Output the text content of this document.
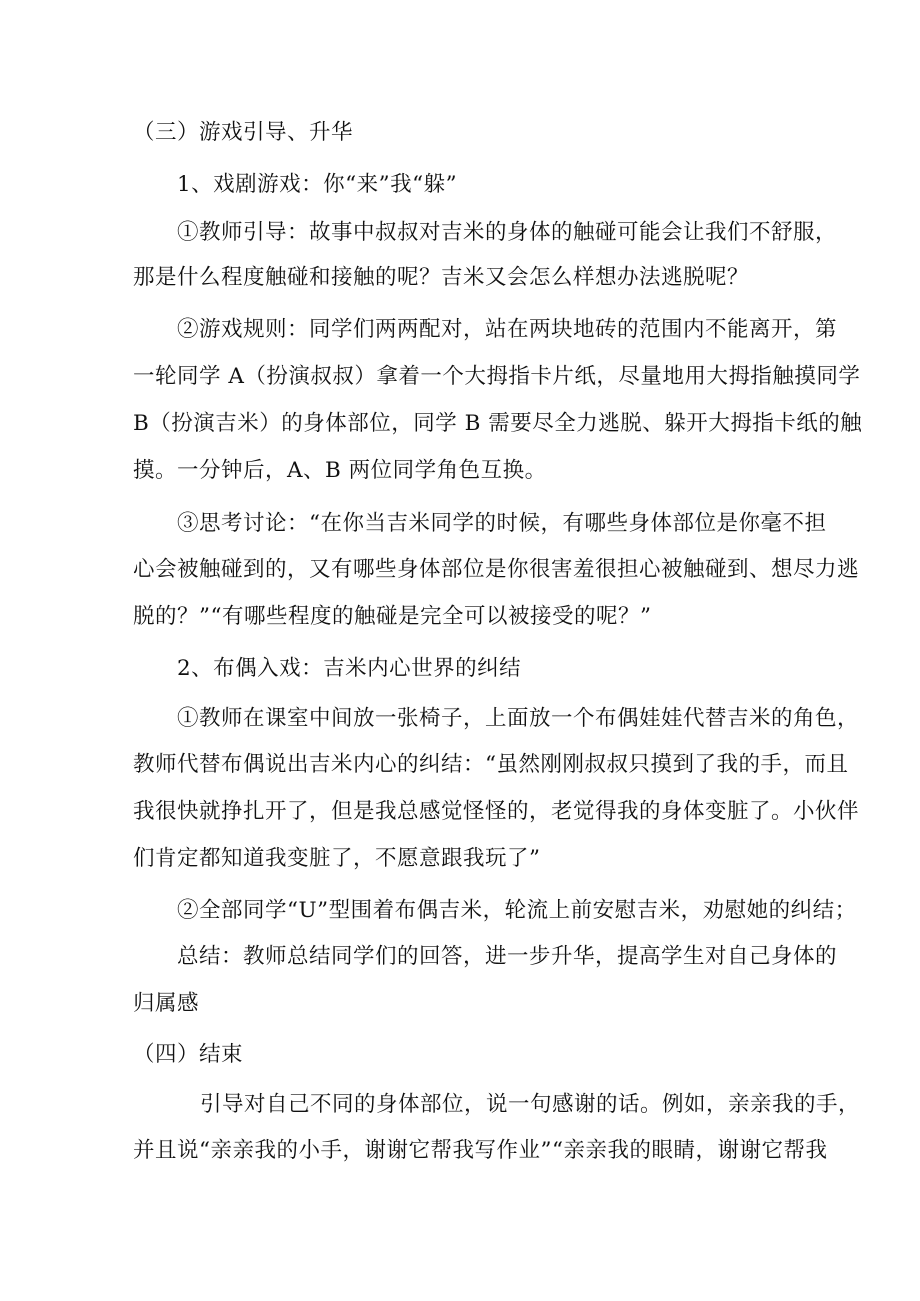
（三）游戏引导、升华
1、戏剧游戏：你“来”我“躲”
①教师引导：故事中叔叔对吉米的身体的触碰可能会让我们不舒服，
那是什么程度触碰和接触的呢？吉米又会怎么样想办法逃脱呢？
②游戏规则：同学们两两配对，站在两块地砖的范围内不能离开，第
一轮同学 A（扮演叔叔）拿着一个大拇指卡片纸，尽量地用大拇指触摸同学
B（扮演吉米）的身体部位，同学 B 需要尽全力逃脱、躲开大拇指卡纸的触
摸。一分钟后，A、B 两位同学角色互换。
③思考讨论：“在你当吉米同学的时候，有哪些身体部位是你毫不担
心会被触碰到的，又有哪些身体部位是你很害羞很担心被触碰到、想尽力逃
脱的？”“有哪些程度的触碰是完全可以被接受的呢？”
2、布偶入戏：吉米内心世界的纠结
①教师在课室中间放一张椅子，上面放一个布偶娃娃代替吉米的角色，
教师代替布偶说出吉米内心的纠结：“虽然刚刚叔叔只摸到了我的手，而且
我很快就挣扎开了，但是我总感觉怪怪的，老觉得我的身体变脏了。小伙伴
们肯定都知道我变脏了，不愿意跟我玩了”
②全部同学“U”型围着布偶吉米，轮流上前安慰吉米，劝慰她的纠结；
总结：教师总结同学们的回答，进一步升华，提高学生对自己身体的
归属感
（四）结束
引导对自己不同的身体部位，说一句感谢的话。例如，亲亲我的手，
并且说“亲亲我的小手，谢谢它帮我写作业”“亲亲我的眼睛，谢谢它帮我
